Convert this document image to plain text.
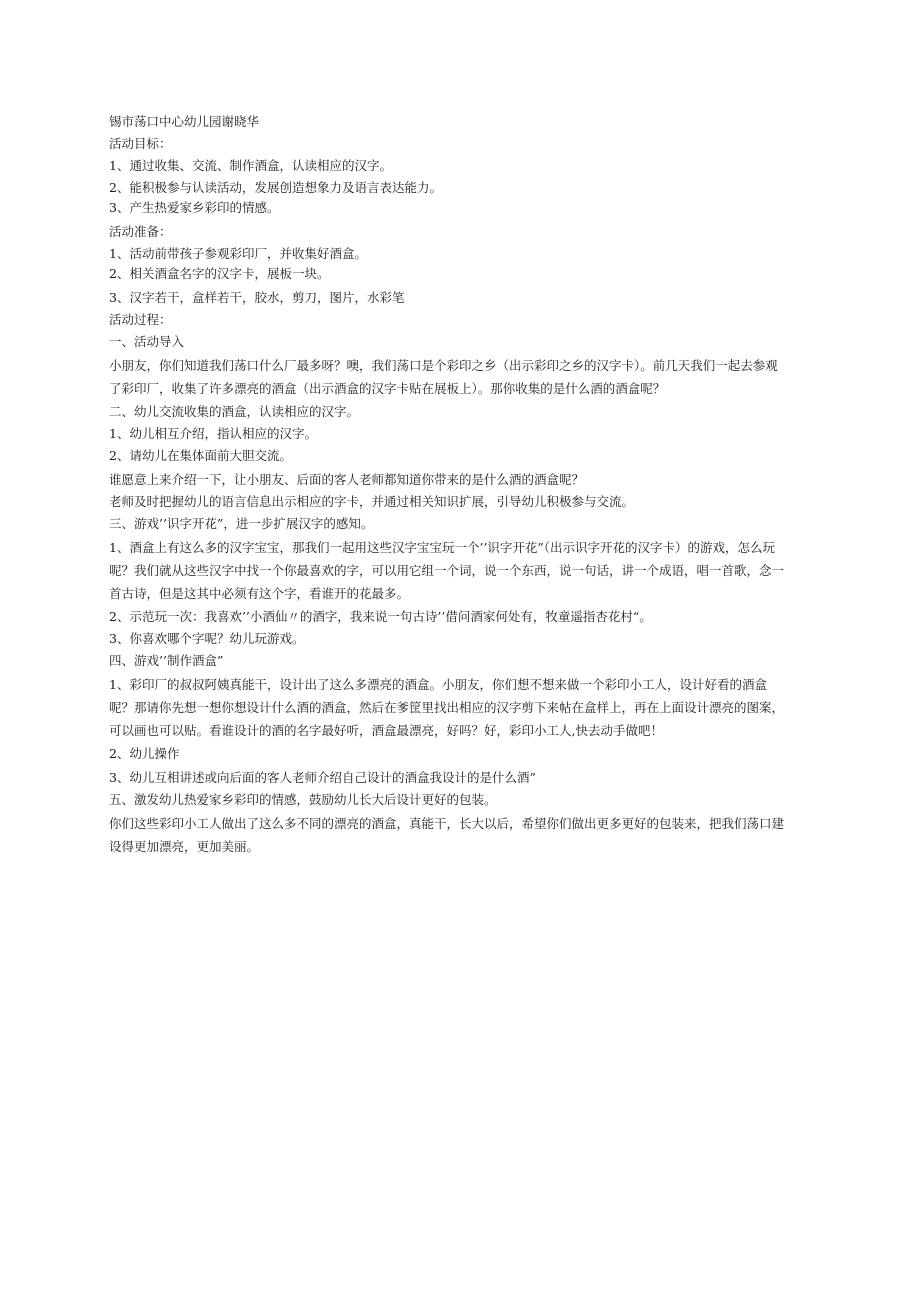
锡市荡口中心幼儿园谢晓华

活动目标：

1、通过收集、交流、制作酒盒，认读相应的汉字。

2、能积极参与认读活动，发展创造想象力及语言表达能力。

3、产生热爱家乡彩印的情感。

活动准备：

1、活动前带孩子参观彩印厂，并收集好酒盒。

2、相关酒盒名字的汉字卡，展板一块。

3、汉字若干，盒样若干，胶水，剪刀，图片，水彩笔

活动过程：

一、活动导入

小朋友，你们知道我们荡口什么厂最多呀？噢，我们荡口是个彩印之乡（出示彩印之乡的汉字卡）。前几天我们一起去参观了彩印厂，收集了许多漂亮的酒盒（出示酒盒的汉字卡贴在展板上）。那你收集的是什么酒的酒盒呢？

二、幼儿交流收集的酒盒，认读相应的汉字。

1、幼儿相互介绍，指认相应的汉字。

2、请幼儿在集体面前大胆交流。

谁愿意上来介绍一下，让小朋友、后面的客人老师都知道你带来的是什么酒的酒盒呢？

老师及时把握幼儿的语言信息出示相应的字卡，并通过相关知识扩展，引导幼儿积极参与交流。

三、游戏’’识字开花”，进一步扩展汉字的感知。

1、酒盒上有这么多的汉字宝宝，那我们一起用这些汉字宝宝玩一个’’识字开花”（出示识字开花的汉字卡）的游戏，怎么玩呢？我们就从这些汉字中找一个你最喜欢的字，可以用它组一个词，说一个东西，说一句话，讲一个成语，唱一首歌，念一首古诗，但是这其中必须有这个字，看谁开的花最多。

2、示范玩一次：我喜欢’’小酒仙〃的酒字，我来说一句古诗’’借问酒家何处有，牧童遥指杏花村“。

3、你喜欢哪个字呢？幼儿玩游戏。

四、游戏’’制作酒盒”

1、彩印厂的叔叔阿姨真能干，设计出了这么多漂亮的酒盒。小朋友，你们想不想来做一个彩印小工人，设计好看的酒盒呢？那请你先想一想你想设计什么酒的酒盒，然后在爹筐里找出相应的汉字剪下来帖在盒样上，再在上面设计漂亮的图案，可以画也可以贴。看谁设计的酒的名字最好听，酒盒最漂亮，好吗？好，彩印小工人,快去动手做吧！

2、幼儿操作

3、幼儿互相讲述或向后面的客人老师介绍自己设计的酒盒我设计的是什么酒”

五、激发幼儿热爱家乡彩印的情感，鼓励幼儿长大后设计更好的包装。

你们这些彩印小工人做出了这么多不同的漂亮的酒盒，真能干，长大以后，希望你们做出更多更好的包装来，把我们荡口建设得更加漂亮，更加美丽。
